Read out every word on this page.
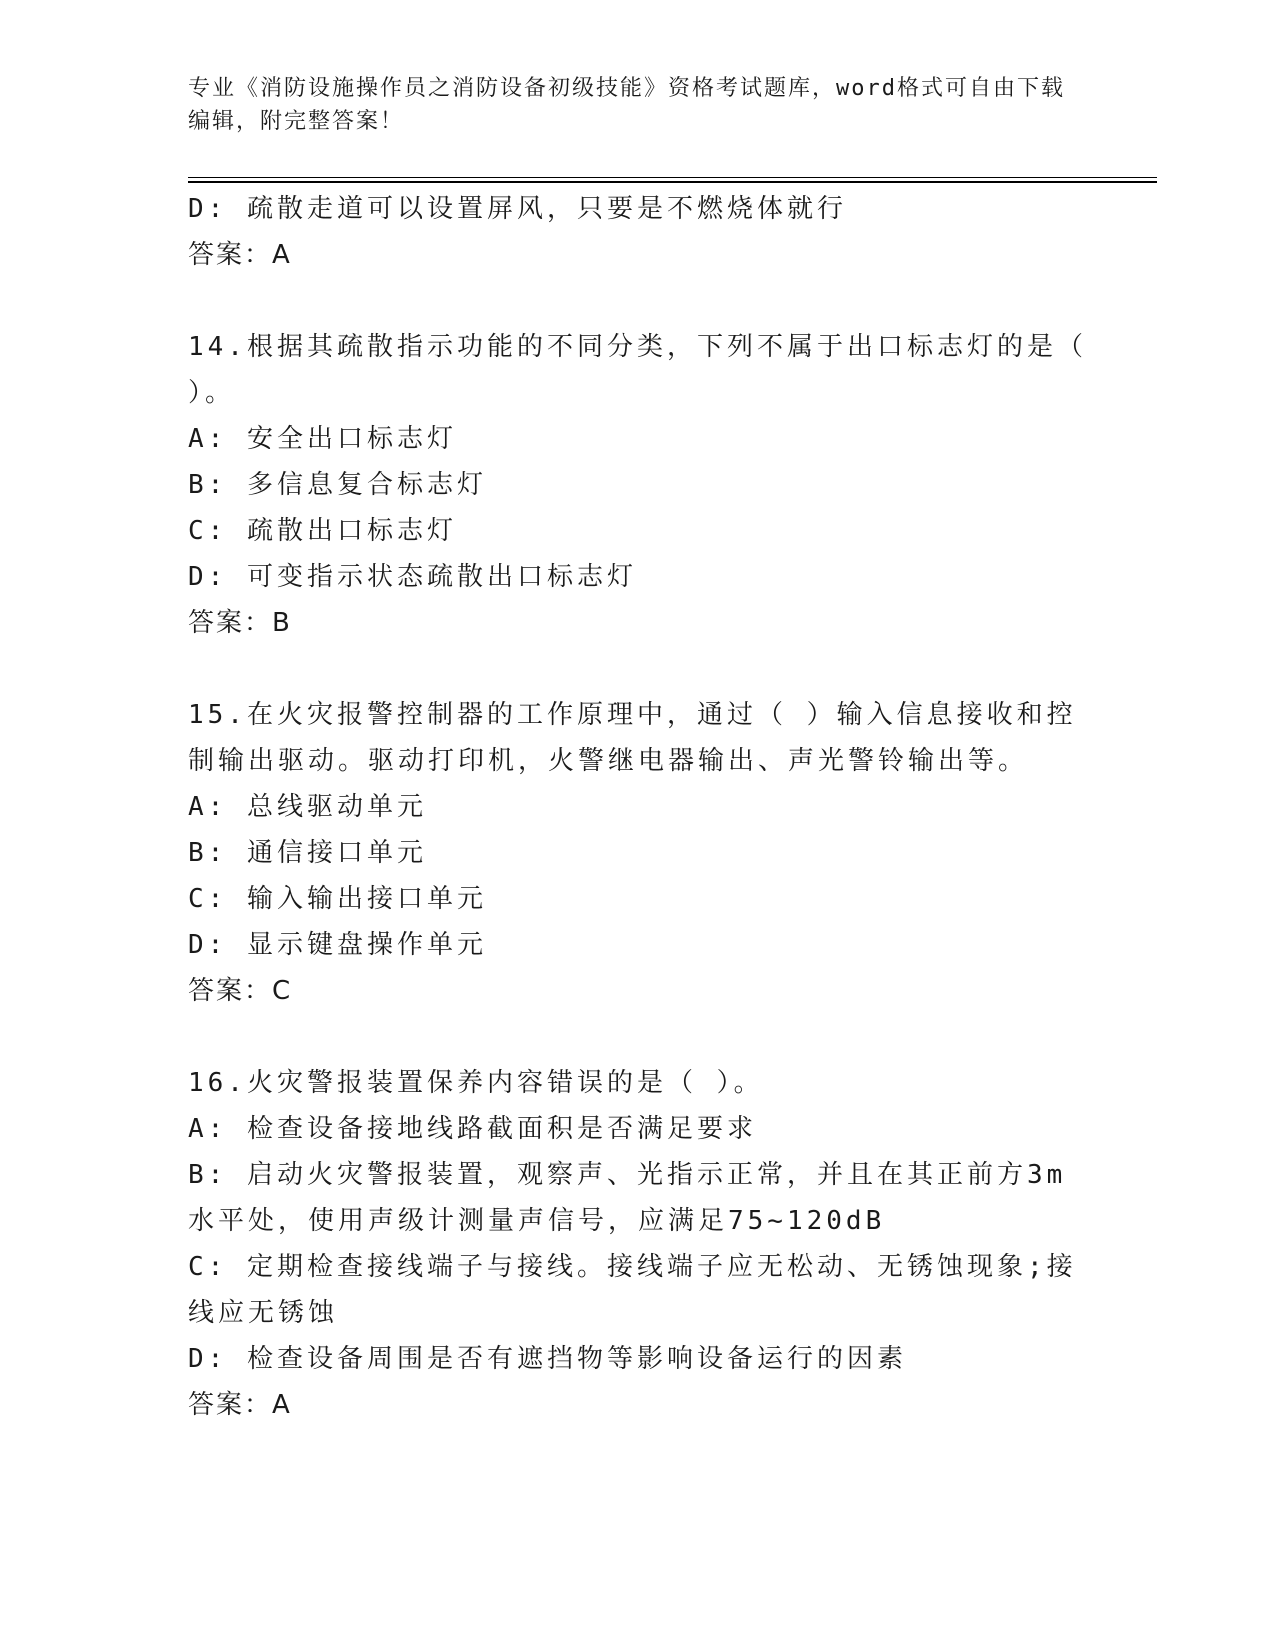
专业《消防设施操作员之消防设备初级技能》资格考试题库，word格式可自由下载编辑，附完整答案！
D: 疏散走道可以设置屏风，只要是不燃烧体就行
答案：A
14.根据其疏散指示功能的不同分类，下列不属于出口标志灯的是（ ）。
A: 安全出口标志灯
B: 多信息复合标志灯
C: 疏散出口标志灯
D: 可变指示状态疏散出口标志灯
答案：B
15.在火灾报警控制器的工作原理中，通过（ ）输入信息接收和控制输出驱动。驱动打印机，火警继电器输出、声光警铃输出等。
A: 总线驱动单元
B: 通信接口单元
C: 输入输出接口单元
D: 显示键盘操作单元
答案：C
16.火灾警报装置保养内容错误的是（ ）。
A: 检查设备接地线路截面积是否满足要求
B: 启动火灾警报装置，观察声、光指示正常，并且在其正前方3m水平处，使用声级计测量声信号，应满足75~120dB
C: 定期检查接线端子与接线。接线端子应无松动、无锈蚀现象;接线应无锈蚀
D: 检查设备周围是否有遮挡物等影响设备运行的因素
答案：A
